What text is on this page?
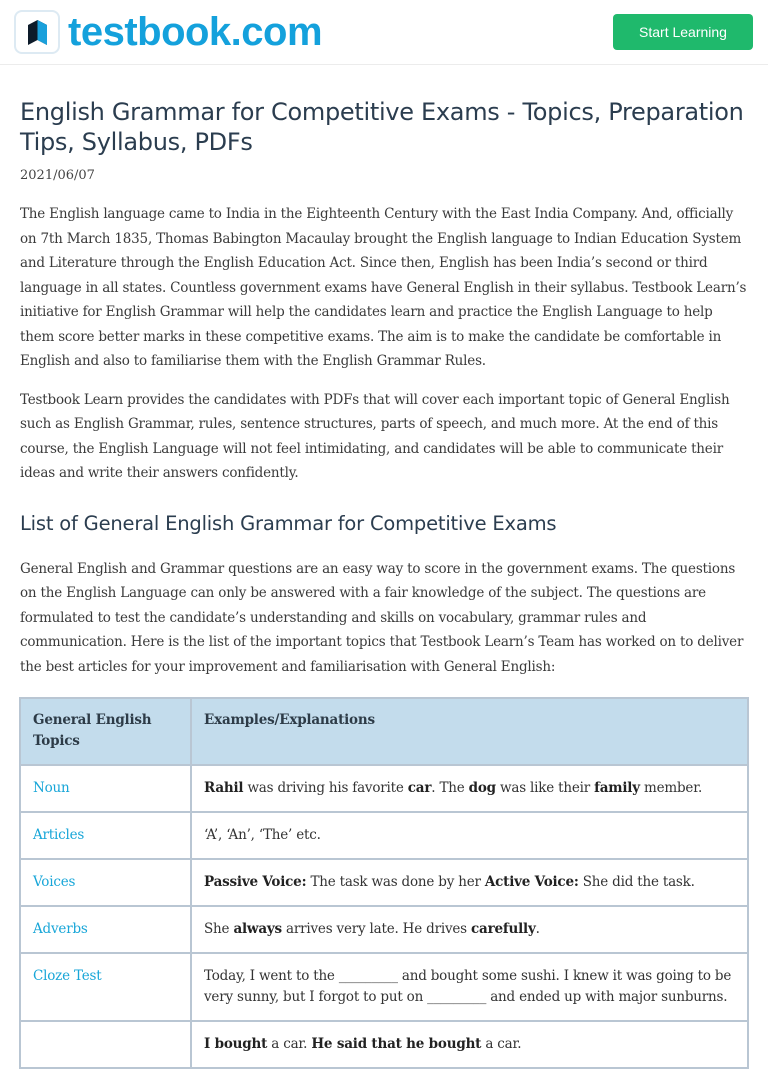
testbook.com	Start Learning
English Grammar for Competitive Exams - Topics, Preparation Tips, Syllabus, PDFs
2021/06/07

The English language came to India in the Eighteenth Century with the East India Company. And, officially on 7th March 1835, Thomas Babington Macaulay brought the English language to Indian Education System and Literature through the English Education Act. Since then, English has been India’s second or third language in all states. Countless government exams have General English in their syllabus. Testbook Learn’s initiative for English Grammar will help the candidates learn and practice the English Language to help them score better marks in these competitive exams. The aim is to make the candidate be comfortable in English and also to familiarise them with the English Grammar Rules.

Testbook Learn provides the candidates with PDFs that will cover each important topic of General English such as English Grammar, rules, sentence structures, parts of speech, and much more. At the end of this course, the English Language will not feel intimidating, and candidates will be able to communicate their ideas and write their answers confidently.

List of General English Grammar for Competitive Exams

General English and Grammar questions are an easy way to score in the government exams. The questions on the English Language can only be answered with a fair knowledge of the subject. The questions are formulated to test the candidate’s understanding and skills on vocabulary, grammar rules and communication. Here is the list of the important topics that Testbook Learn’s Team has worked on to deliver the best articles for your improvement and familiarisation with General English:

General English Topics	Examples/Explanations
Noun	Rahil was driving his favorite car. The dog was like their family member.
Articles	‘A’, ‘An’, ‘The’ etc.
Voices	Passive Voice: The task was done by her Active Voice: She did the task.
Adverbs	She always arrives very late. He drives carefully.
Cloze Test	Today, I went to the _________ and bought some sushi. I knew it was going to be very sunny, but I forgot to put on _________ and ended up with major sunburns.
	I bought a car. He said that he bought a car.
